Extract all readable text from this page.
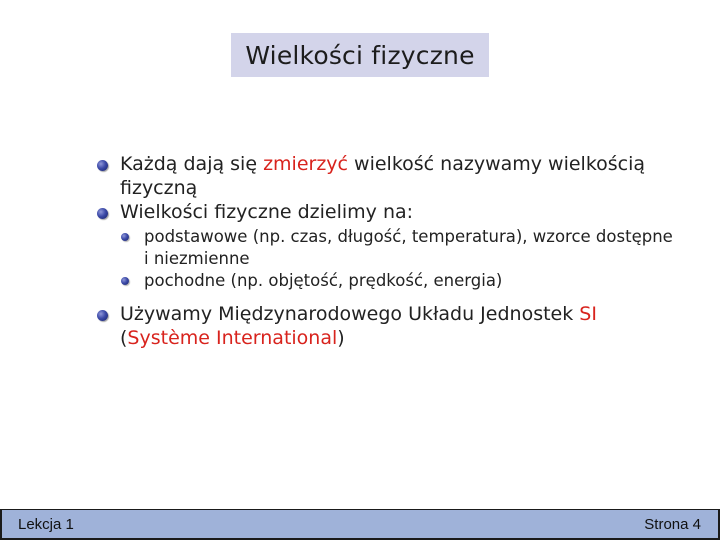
Wielkości fizyczne
Każdą dają się zmierzyć wielkość nazywamy wielkością fizyczną
Wielkości fizyczne dzielimy na:
podstawowe (np. czas, długość, temperatura), wzorce dostępne i niezmienne
pochodne (np. objętość, prędkość, energia)
Używamy Międzynarodowego Układu Jednostek SI (Système International)
Lekcja 1	Strona 4
